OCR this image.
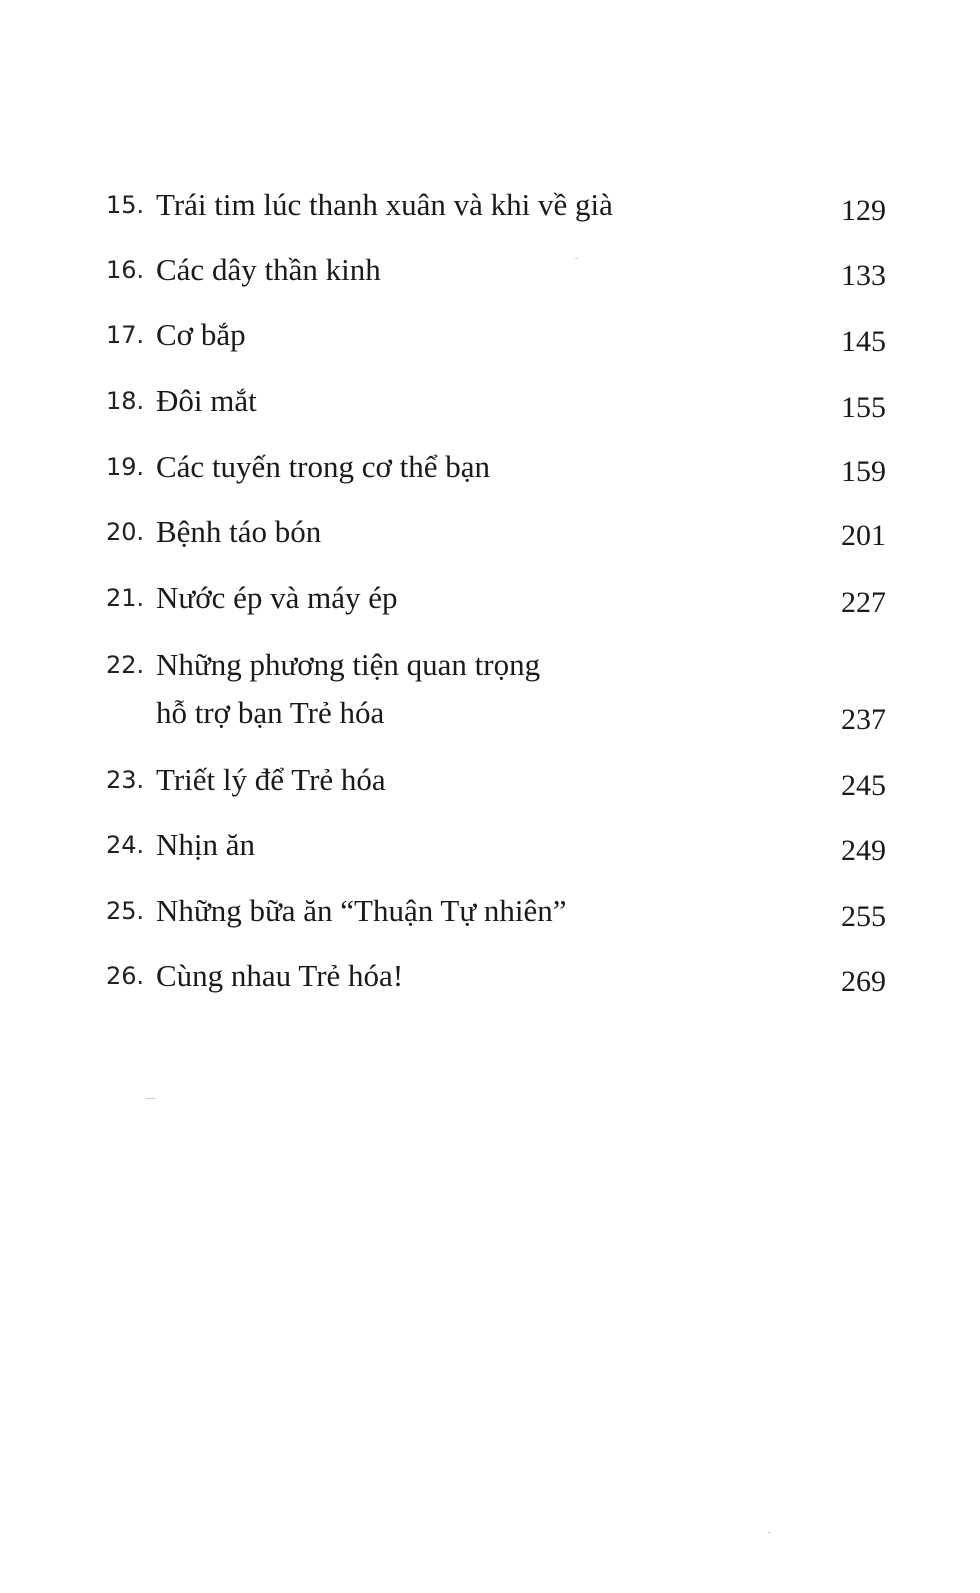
15. Trái tim lúc thanh xuân và khi về già	129
16. Các dây thần kinh	133
17. Cơ bắp	145
18. Đôi mắt	155
19. Các tuyến trong cơ thể bạn	159
20. Bệnh táo bón	201
21. Nước ép và máy ép	227
22. Những phương tiện quan trọng
hỗ trợ bạn Trẻ hóa	237
23. Triết lý để Trẻ hóa	245
24. Nhịn ăn	249
25. Những bữa ăn “Thuận Tự nhiên”	255
26. Cùng nhau Trẻ hóa!	269
